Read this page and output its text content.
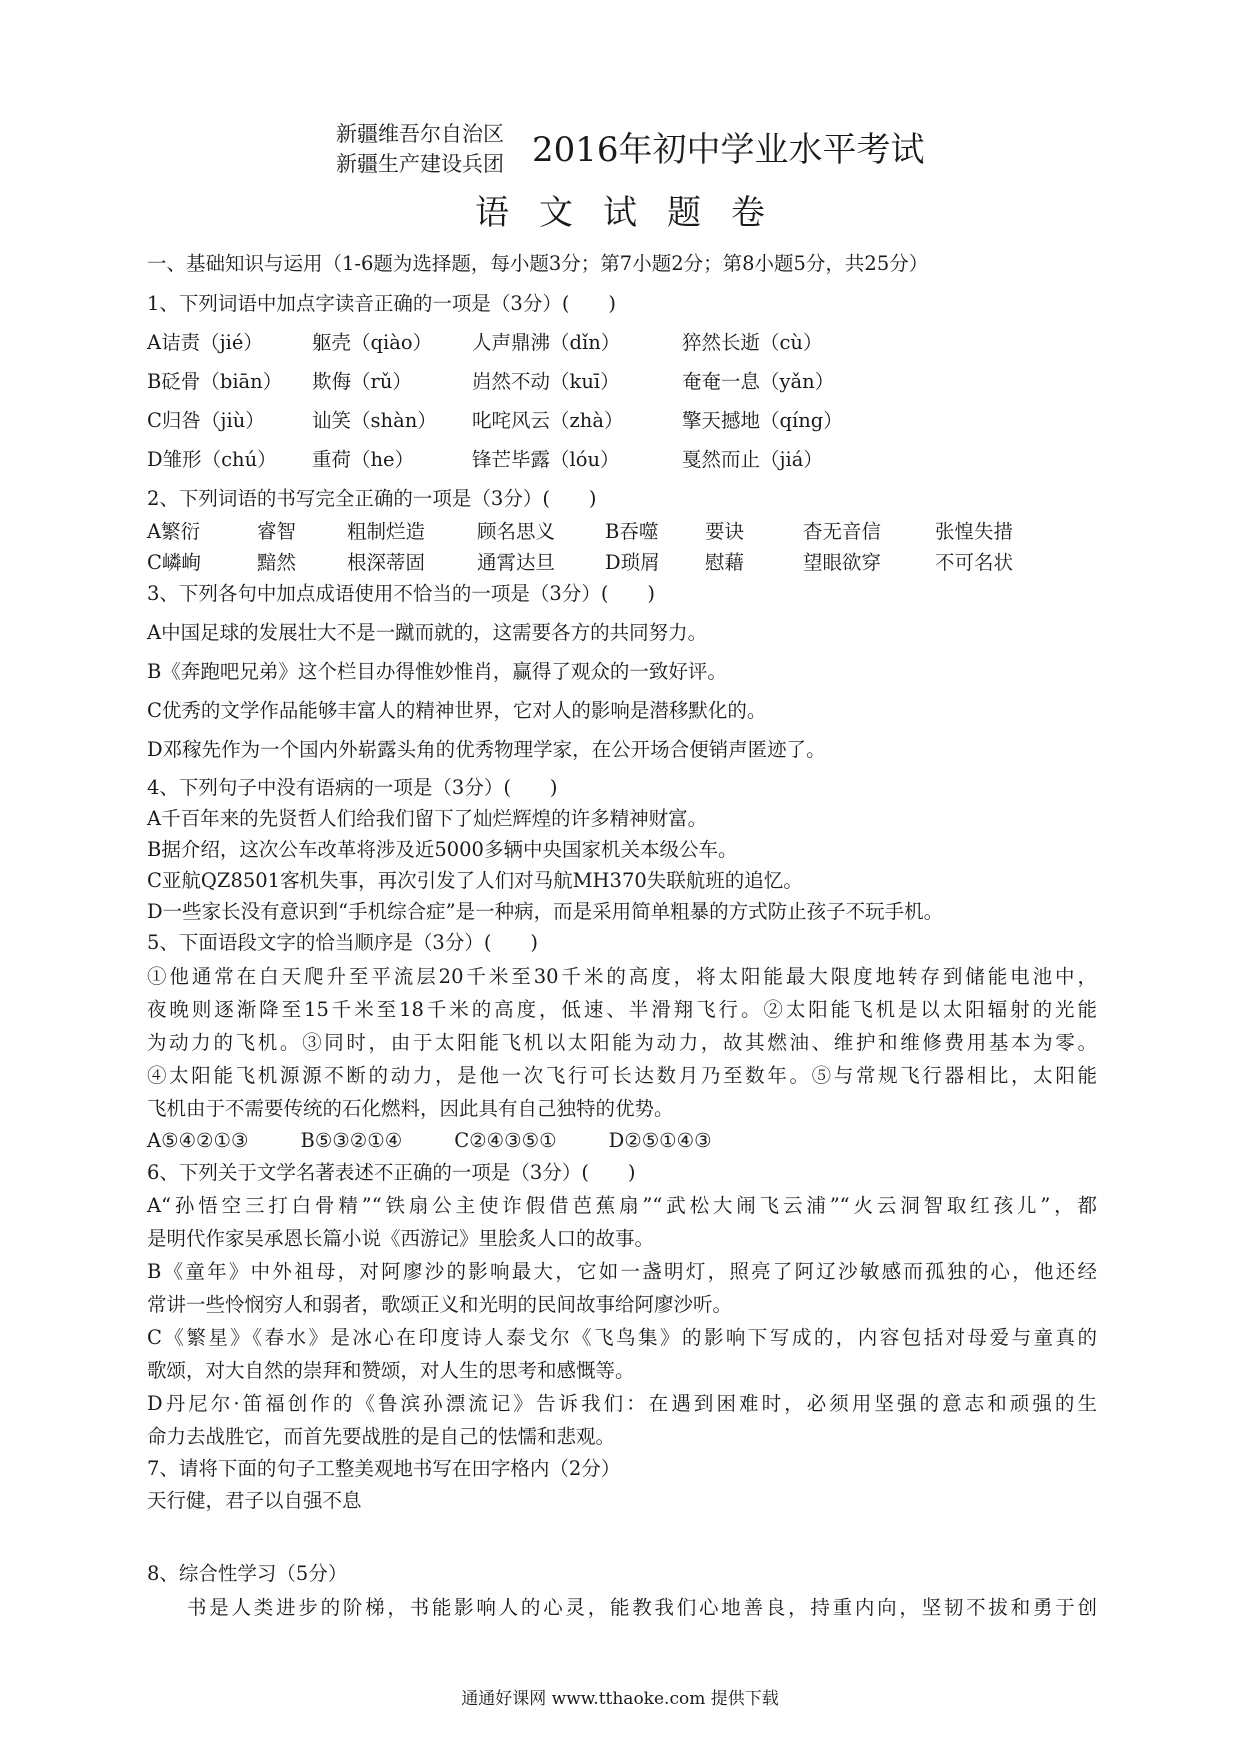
新疆维吾尔自治区
新疆生产建设兵团 2016年初中学业水平考试
语文试题卷
一、基础知识与运用（1-6题为选择题，每小题3分；第7小题2分；第8小题5分，共25分）
1、下列词语中加点字读音正确的一项是（3分）(　　)
A诘责（jié）	躯壳（qiào）	人声鼎沸（dǐn）	猝然长逝（cù）
B砭骨（biān）	欺侮（rǔ）	岿然不动（kuī）	奄奄一息（yǎn）
C归咎（jiù）	讪笑（shàn）	叱咤风云（zhà）	擎天撼地（qíng）
D雏形（chú）	重荷（he）	锋芒毕露（lóu）	戛然而止（jiá）
2、下列词语的书写完全正确的一项是（3分）(　　)
A繁衍	睿智	粗制烂造	顾名思义	B吞噬	要诀	杳无音信	张惶失措
C嶙峋	黯然	根深蒂固	通霄达旦	D琐屑	慰藉	望眼欲穿	不可名状
3、下列各句中加点成语使用不恰当的一项是（3分）(　　)
A中国足球的发展壮大不是一蹴而就的，这需要各方的共同努力。
B《奔跑吧兄弟》这个栏目办得惟妙惟肖，赢得了观众的一致好评。
C优秀的文学作品能够丰富人的精神世界，它对人的影响是潜移默化的。
D邓稼先作为一个国内外崭露头角的优秀物理学家，在公开场合便销声匿迹了。
4、下列句子中没有语病的一项是（3分）(　　)
A千百年来的先贤哲人们给我们留下了灿烂辉煌的许多精神财富。
B据介绍，这次公车改革将涉及近5000多辆中央国家机关本级公车。
C亚航QZ8501客机失事，再次引发了人们对马航MH370失联航班的追忆。
D一些家长没有意识到“手机综合症”是一种病，而是采用简单粗暴的方式防止孩子不玩手机。
5、下面语段文字的恰当顺序是（3分）(　　)
①他通常在白天爬升至平流层20千米至30千米的高度，将太阳能最大限度地转存到储能电池中，
夜晚则逐渐降至15千米至18千米的高度，低速、半滑翔飞行。②太阳能飞机是以太阳辐射的光能
为动力的飞机。③同时，由于太阳能飞机以太阳能为动力，故其燃油、维护和维修费用基本为零。
④太阳能飞机源源不断的动力，是他一次飞行可长达数月乃至数年。⑤与常规飞行器相比，太阳能
飞机由于不需要传统的石化燃料，因此具有自己独特的优势。
A⑤④②①③	B⑤③②①④	C②④③⑤①	D②⑤①④③
6、下列关于文学名著表述不正确的一项是（3分）(　　)
A“孙悟空三打白骨精”“铁扇公主使诈假借芭蕉扇”“武松大闹飞云浦”“火云洞智取红孩儿”，都
是明代作家吴承恩长篇小说《西游记》里脍炙人口的故事。
B《童年》中外祖母，对阿廖沙的影响最大，它如一盏明灯，照亮了阿辽沙敏感而孤独的心，他还经
常讲一些怜悯穷人和弱者，歌颂正义和光明的民间故事给阿廖沙听。
C《繁星》《春水》是冰心在印度诗人泰戈尔《飞鸟集》的影响下写成的，内容包括对母爱与童真的
歌颂，对大自然的崇拜和赞颂，对人生的思考和感慨等。
D丹尼尔·笛福创作的《鲁滨孙漂流记》告诉我们：在遇到困难时，必须用坚强的意志和顽强的生
命力去战胜它，而首先要战胜的是自己的怯懦和悲观。
7、请将下面的句子工整美观地书写在田字格内（2分）
天行健，君子以自强不息
8、综合性学习（5分）
书是人类进步的阶梯，书能影响人的心灵，能教我们心地善良，持重内向，坚韧不拔和勇于创
通通好课网 www.tthaoke.com 提供下载
